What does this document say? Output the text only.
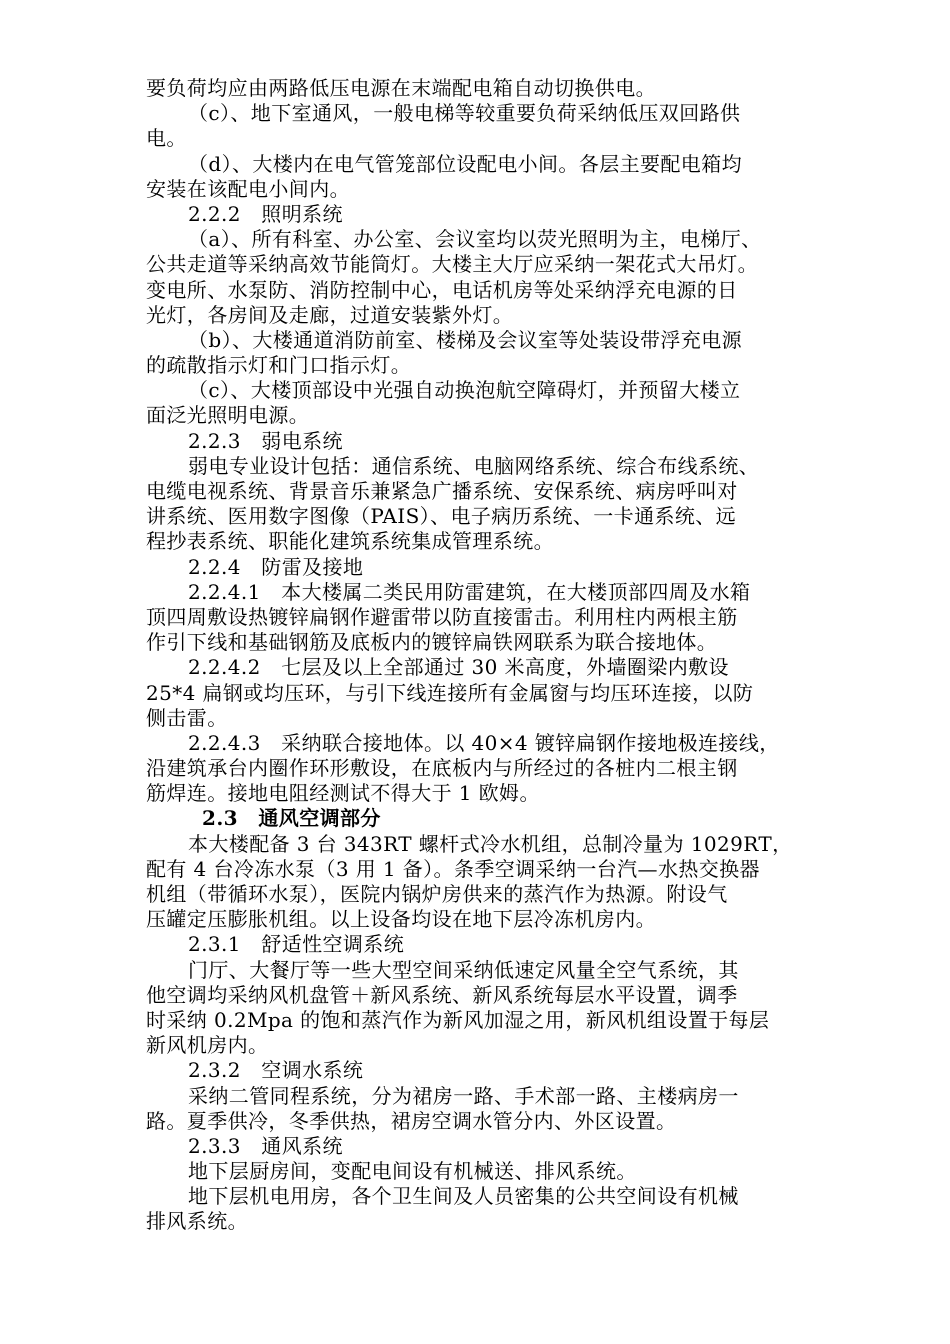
要负荷均应由两路低压电源在末端配电箱自动切换供电。
（c）、地下室通风，一般电梯等较重要负荷采纳低压双回路供
电。
（d）、大楼内在电气管笼部位设配电小间。各层主要配电箱均
安装在该配电小间内。
2.2.2　照明系统
（a）、所有科室、办公室、会议室均以荧光照明为主，电梯厅、
公共走道等采纳高效节能筒灯。大楼主大厅应采纳一架花式大吊灯。
变电所、水泵防、消防控制中心，电话机房等处采纳浮充电源的日
光灯，各房间及走廊，过道安装紫外灯。
（b）、大楼通道消防前室、楼梯及会议室等处装设带浮充电源
的疏散指示灯和门口指示灯。
（c）、大楼顶部设中光强自动换泡航空障碍灯，并预留大楼立
面泛光照明电源。
2.2.3　弱电系统
弱电专业设计包括：通信系统、电脑网络系统、综合布线系统、
电缆电视系统、背景音乐兼紧急广播系统、安保系统、病房呼叫对
讲系统、医用数字图像（PAIS）、电子病历系统、一卡通系统、远
程抄表系统、职能化建筑系统集成管理系统。
2.2.4　防雷及接地
2.2.4.1　本大楼属二类民用防雷建筑，在大楼顶部四周及水箱
顶四周敷设热镀锌扁钢作避雷带以防直接雷击。利用柱内两根主筋
作引下线和基础钢筋及底板内的镀锌扁铁网联系为联合接地体。
2.2.4.2　七层及以上全部通过 30 米高度，外墙圈梁内敷设
25*4 扁钢或均压环，与引下线连接所有金属窗与均压环连接，以防
侧击雷。
2.2.4.3　采纳联合接地体。以 40×4 镀锌扁钢作接地极连接线，
沿建筑承台内圈作环形敷设，在底板内与所经过的各桩内二根主钢
筋焊连。接地电阻经测试不得大于 1 欧姆。
2.3　通风空调部分
本大楼配备 3 台 343RT 螺杆式冷水机组，总制冷量为 1029RT，
配有 4 台冷冻水泵（3 用 1 备）。条季空调采纳一台汽—水热交换器
机组（带循环水泵），医院内锅炉房供来的蒸汽作为热源。附设气
压罐定压膨胀机组。以上设备均设在地下层冷冻机房内。
2.3.1　舒适性空调系统
门厅、大餐厅等一些大型空间采纳低速定风量全空气系统，其
他空调均采纳风机盘管＋新风系统、新风系统每层水平设置，调季
时采纳 0.2Mpa 的饱和蒸汽作为新风加湿之用，新风机组设置于每层
新风机房内。
2.3.2　空调水系统
采纳二管同程系统，分为裙房一路、手术部一路、主楼病房一
路。夏季供冷，冬季供热，裙房空调水管分内、外区设置。
2.3.3　通风系统
地下层厨房间，变配电间设有机械送、排风系统。
地下层机电用房，各个卫生间及人员密集的公共空间设有机械
排风系统。
